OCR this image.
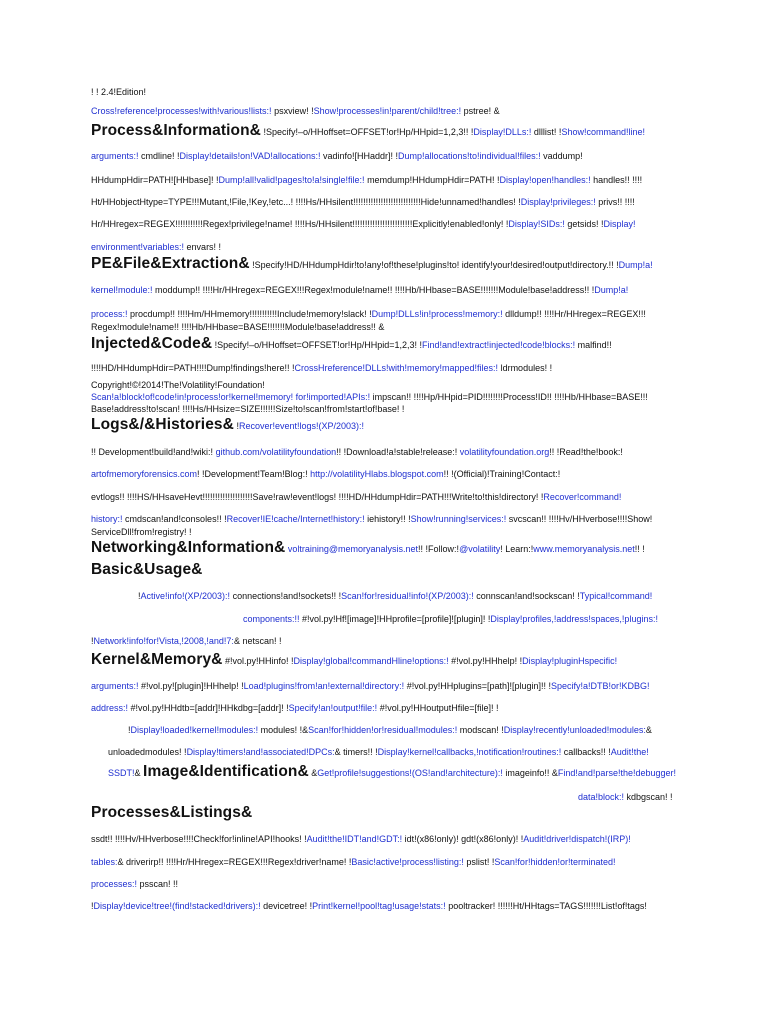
! ! 2.4!Edition!
Cross!reference!processes!with!various!lists:! psxview! !Show!processes!in!parent/child!tree:! pstree! &
Process&Information& !Specify!–o/HHoffset=OFFSET!or!Hp/HHpid=1,2,3!! !Display!DLLs:! dlllist! !Show!command!line!
arguments:! cmdline! !Display!details!on!VAD!allocations:! vadinfo![HHaddr]! !Dump!allocations!to!individual!files:! vaddump!
HHdumpHdir=PATH![HHbase]! !Dump!all!valid!pages!to!a!single!file:! memdump!HHdumpHdir=PATH! !Display!open!handles:! handles!! !!!!
Ht/HHobjectHtype=TYPE!!!Mutant,!File,!Key,!etc...! !!!!Hs/HHsilent!!!!!!!!!!!!!!!!!!!!!!!!!!!Hide!unnamed!handles! !Display!privileges:! privs!! !!!!
Hr/HHregex=REGEX!!!!!!!!!!!Regex!privilege!name! !!!!Hs/HHsilent!!!!!!!!!!!!!!!!!!!!!!!!Explicitly!enabled!only! !Display!SIDs:! getsids! !Display!
environment!variables:! envars! !
PE&File&Extraction& !Specify!HD/HHdumpHdir!to!any!of!these!plugins!to! identify!your!desired!output!directory.!! !Dump!a!
kernel!module:! moddump!! !!!!Hr/HHregex=REGEX!!!Regex!module!name!! !!!!Hb/HHbase=BASE!!!!!!!Module!base!address!! !Dump!a!
process:! procdump!! !!!!Hm/HHmemory!!!!!!!!!!!Include!memory!slack! !Dump!DLLs!in!process!memory:! dlldump!! !!!!Hr/HHregex=REGEX!!!
Regex!module!name!! !!!!Hb/HHbase=BASE!!!!!!!Module!base!address!! &
Injected&Code& !Specify!–o/HHoffset=OFFSET!or!Hp/HHpid=1,2,3! !Find!and!extract!injected!code!blocks:! malfind!!
!!!!HD/HHdumpHdir=PATH!!!!Dump!findings!here!! !CrossHreference!DLLs!with!memory!mapped!files:! ldrmodules! !
Copyright!©!2014!The!Volatility!Foundation!
Scan!a!block!of!code!in!process!or!kernel!memory! for!imported!APIs:! impscan!! !!!!Hp/HHpid=PID!!!!!!!!Process!ID!! !!!!Hb/HHbase=BASE!!!
Base!address!to!scan! !!!!Hs/HHsize=SIZE!!!!!!Size!to!scan!from!start!of!base! !
Logs&/&Histories& !Recover!event!logs!(XP/2003):!
!! Development!build!and!wiki:! github.com/volatilityfoundation!! !Download!a!stable!release:! volatilityfoundation.org!! !Read!the!book:!
artofmemoryforensics.com! !Development!Team!Blog:! http://volatilityHlabs.blogspot.com!! !(Official)!Training!Contact:!
evtlogs!! !!!!HS/HHsaveHevt!!!!!!!!!!!!!!!!!!!!Save!raw!event!logs! !!!!HD/HHdumpHdir=PATH!!!Write!to!this!directory! !Recover!command!
history:! cmdscan!and!consoles!! !Recover!IE!cache/Internet!history:! iehistory!! !Show!running!services:! svcscan!! !!!!Hv/HHverbose!!!!Show!
ServiceDll!from!registry! !
Networking&Information& voltraining@memoryanalysis.net!! !Follow:!@volatility! Learn:!www.memoryanalysis.net!! !
Basic&Usage&
!Active!info!(XP/2003):! connections!and!sockets!! !Scan!for!residual!info!(XP/2003):! connscan!and!sockscan! !Typical!command!
components:!! #!vol.py!Hf![image]!HHprofile=[profile]![plugin]! !Display!profiles,!address!spaces,!plugins:!
!Network!info!for!Vista,!2008,!and!7:& netscan! !
Kernel&Memory& #!vol.py!HHinfo! !Display!global!commandHline!options:! #!vol.py!HHhelp! !Display!pluginHspecific!
arguments:! #!vol.py![plugin]!HHhelp! !Load!plugins!from!an!external!directory:! #!vol.py!HHplugins=[path]![plugin]!! !Specify!a!DTB!or!KDBG!
address:! #!vol.py!HHdtb=[addr]!HHkdbg=[addr]! !Specify!an!output!file:! #!vol.py!HHoutputHfile=[file]! !
!Display!loaded!kernel!modules:! modules! !&Scan!for!hidden!or!residual!modules:! modscan! !Display!recently!unloaded!modules:&
unloadedmodules! !Display!timers!and!associated!DPCs:& timers!! !Display!kernel!callbacks,!notification!routines:! callbacks!! !Audit!the!
SSDT!& Image&Identification& &Get!profile!suggestions!(OS!and!architecture):! imageinfo!! &Find!and!parse!the!debugger!
data!block:! kdbgscan! !
Processes&Listings&
ssdt!! !!!!Hv/HHverbose!!!!Check!for!inline!API!hooks! !Audit!the!IDT!and!GDT:! idt!(x86!only)! gdt!(x86!only)! !Audit!driver!dispatch!(IRP)!
tables:& driverirp!! !!!!Hr/HHregex=REGEX!!!Regex!driver!name! !Basic!active!process!listing:! pslist! !Scan!for!hidden!or!terminated!
processes:! psscan! !!
!Display!device!tree!(find!stacked!drivers):! devicetree! !Print!kernel!pool!tag!usage!stats:! pooltracker! !!!!!!Ht/HHtags=TAGS!!!!!!!List!of!tags!
